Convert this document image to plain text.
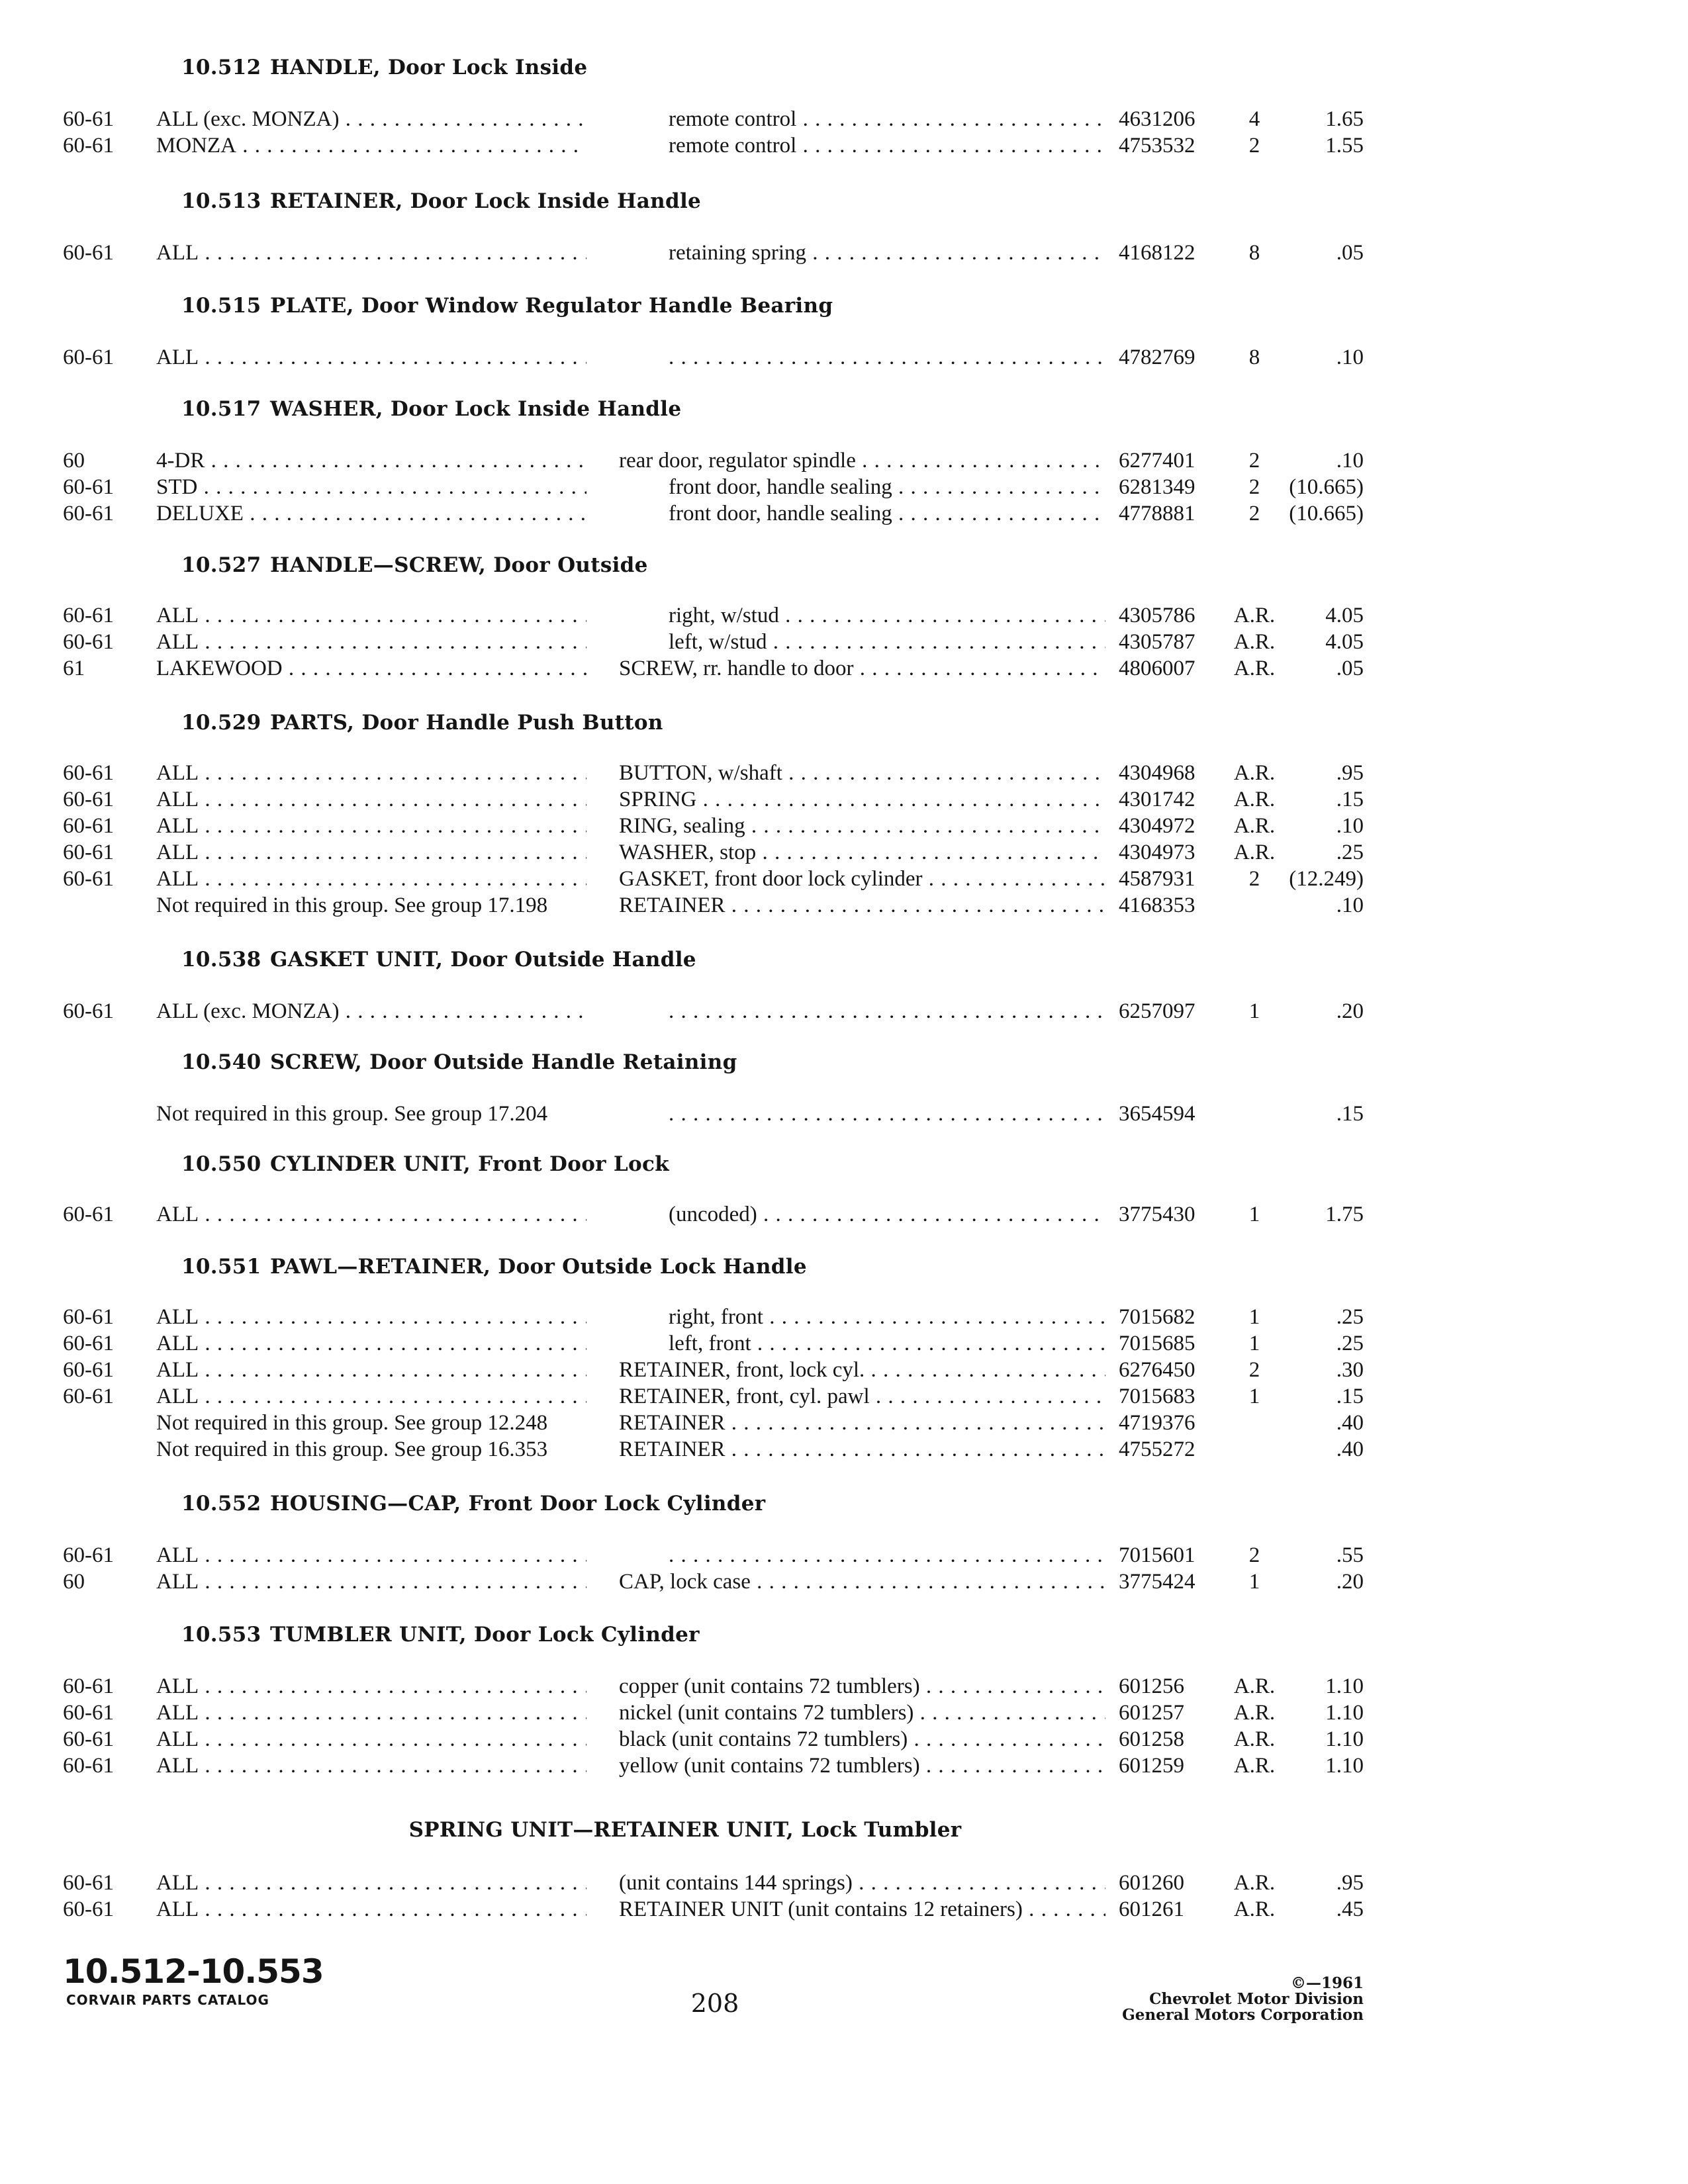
10.512 HANDLE, Door Lock Inside
60-61 ALL (exc. MONZA) . . .	remote control . . .	4631206	4	1.65
60-61 MONZA . . .	remote control . . .	4753532	2	1.55
10.513 RETAINER, Door Lock Inside Handle
60-61 ALL . . .	retaining spring . . .	4168122	8	.05
10.515 PLATE, Door Window Regulator Handle Bearing
60-61 ALL . . . . . .	4782769	8	.10
10.517 WASHER, Door Lock Inside Handle
60	4-DR . . .	rear door, regulator spindle . . .	6277401	2	.10
60-61 STD . . .	front door, handle sealing . . .	6281349	2	(10.665)
60-61 DELUXE . . .	front door, handle sealing . . .	4778881	2	(10.665)
10.527 HANDLE—SCREW, Door Outside
60-61 ALL . . .	right, w/stud . . .	4305786	A.R.	4.05
60-61 ALL . . .	left, w/stud . . .	4305787	A.R.	4.05
61	LAKEWOOD . . .	SCREW, rr. handle to door . . .	4806007	A.R.	.05
10.529 PARTS, Door Handle Push Button
60-61 ALL . . .	BUTTON, w/shaft . . .	4304968	A.R.	.95
60-61 ALL . . .	SPRING . . .	4301742	A.R.	.15
60-61 ALL . . .	RING, sealing . . .	4304972	A.R.	.10
60-61 ALL . . .	WASHER, stop . . .	4304973	A.R.	.25
60-61 ALL . . .	GASKET, front door lock cylinder . . .	4587931	2	(12.249)
Not required in this group. See group 17.198	RETAINER . . .	4168353	.10
10.538 GASKET UNIT, Door Outside Handle
60-61 ALL (exc. MONZA) . . . . . .	6257097	1	.20
10.540 SCREW, Door Outside Handle Retaining
Not required in this group. See group 17.204 . . .	3654594	.15
10.550 CYLINDER UNIT, Front Door Lock
60-61 ALL . . .	(uncoded) . . .	3775430	1	1.75
10.551 PAWL—RETAINER, Door Outside Lock Handle
60-61 ALL . . .	right, front . . .	7015682	1	.25
60-61 ALL . . .	left, front . . .	7015685	1	.25
60-61 ALL . . .	RETAINER, front, lock cyl. . . .	6276450	2	.30
60-61 ALL . . .	RETAINER, front, cyl. pawl . . .	7015683	1	.15
Not required in this group. See group 12.248	RETAINER . . .	4719376	.40
Not required in this group. See group 16.353	RETAINER . . .	4755272	.40
10.552 HOUSING—CAP, Front Door Lock Cylinder
60-61 ALL . . . . . .	7015601	2	.55
60	ALL . . .	CAP, lock case . . .	3775424	1	.20
10.553 TUMBLER UNIT, Door Lock Cylinder
60-61 ALL . . .	copper (unit contains 72 tumblers) . . .	601256	A.R.	1.10
60-61 ALL . . .	nickel (unit contains 72 tumblers) . . .	601257	A.R.	1.10
60-61 ALL . . .	black (unit contains 72 tumblers) . . .	601258	A.R.	1.10
60-61 ALL . . .	yellow (unit contains 72 tumblers) . . .	601259	A.R.	1.10
SPRING UNIT—RETAINER UNIT, Lock Tumbler
60-61 ALL . . .	(unit contains 144 springs) . . .	601260	A.R.	.95
60-61 ALL . . .	RETAINER UNIT (unit contains 12 retainers) . . .	601261	A.R.	.45
10.512-10.553
CORVAIR PARTS CATALOG	208
©—1961
Chevrolet Motor Division
General Motors Corporation
